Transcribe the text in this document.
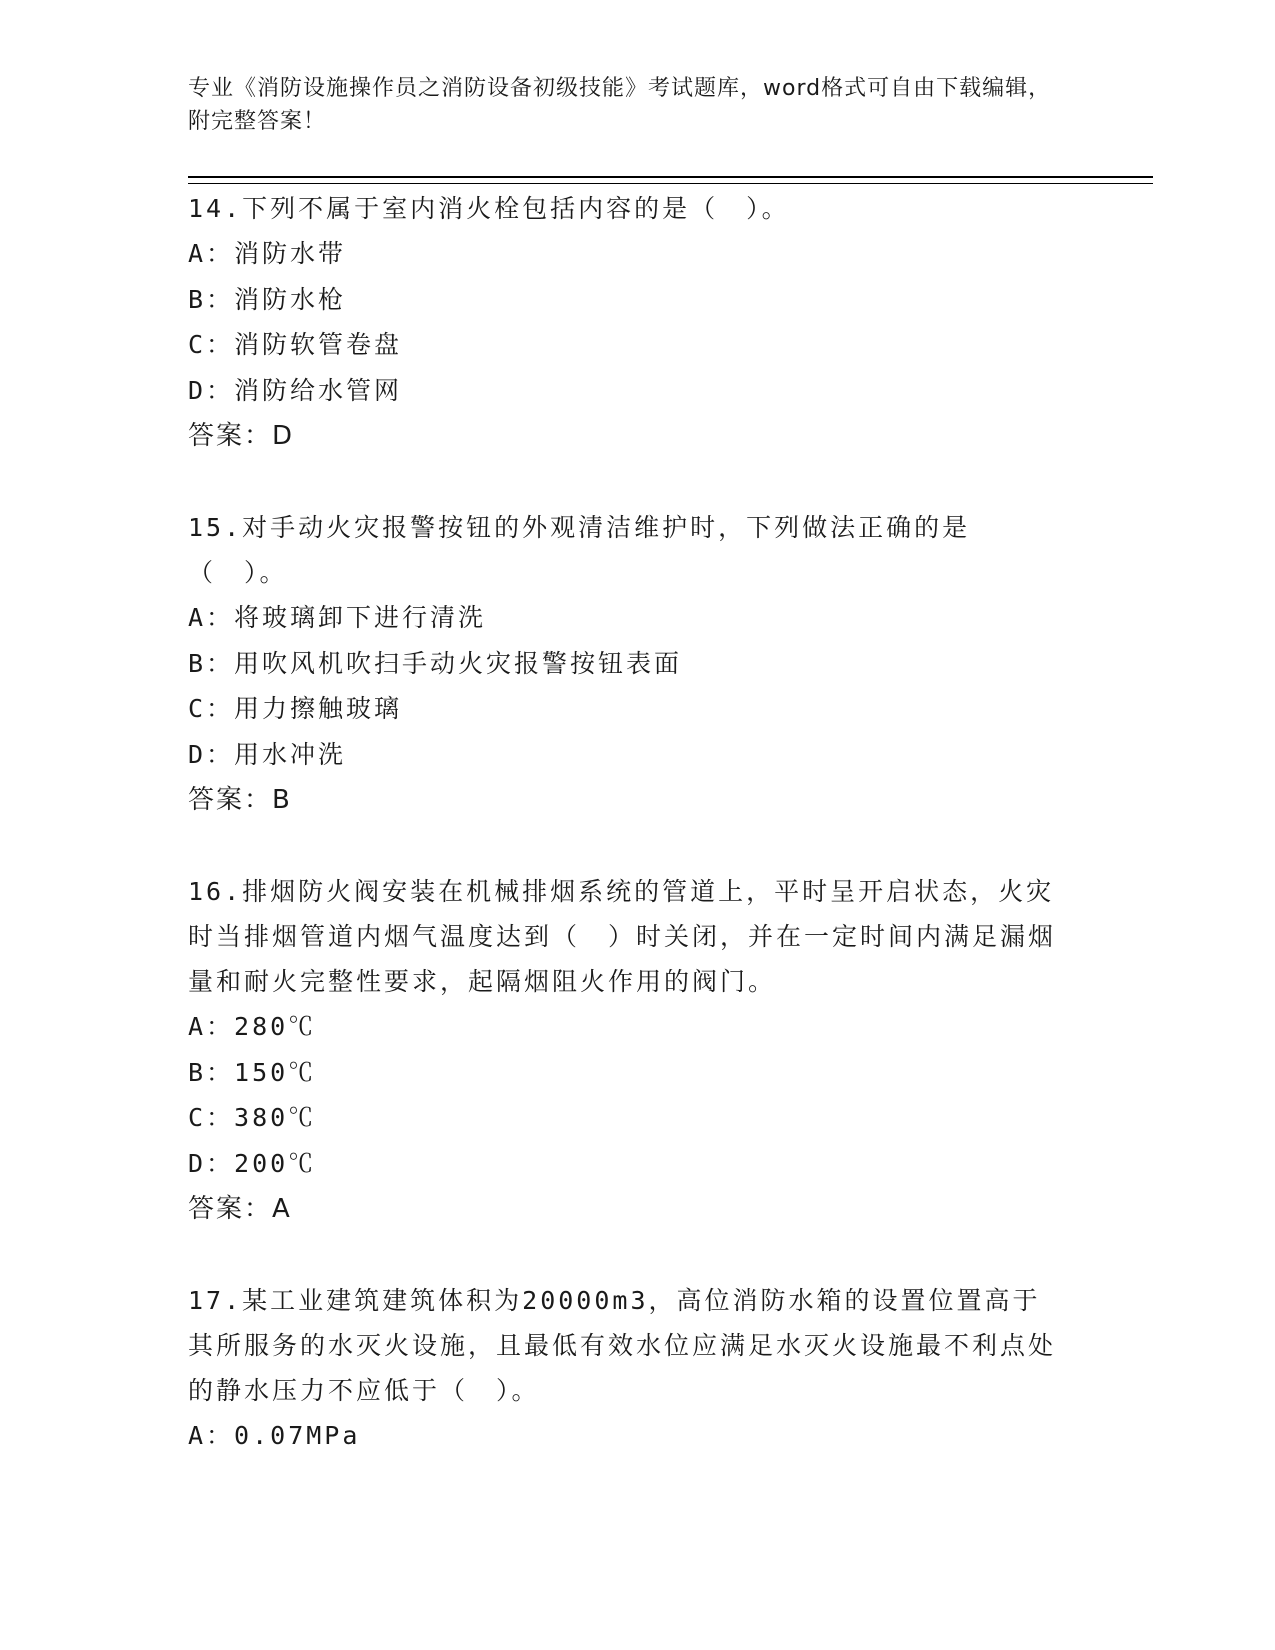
专业《消防设施操作员之消防设备初级技能》考试题库，word格式可自由下载编辑，附完整答案！

14.下列不属于室内消火栓包括内容的是（　）。

A：消防水带

B：消防水枪

C：消防软管卷盘

D：消防给水管网

答案：D

15.对手动火灾报警按钮的外观清洁维护时，下列做法正确的是（　）。

A：将玻璃卸下进行清洗

B：用吹风机吹扫手动火灾报警按钮表面

C：用力擦触玻璃

D：用水冲洗

答案：B

16.排烟防火阀安装在机械排烟系统的管道上，平时呈开启状态，火灾时当排烟管道内烟气温度达到（　）时关闭，并在一定时间内满足漏烟量和耐火完整性要求，起隔烟阻火作用的阀门。

A：280℃

B：150℃

C：380℃

D：200℃

答案：A

17.某工业建筑建筑体积为20000m3，高位消防水箱的设置位置高于其所服务的水灭火设施，且最低有效水位应满足水灭火设施最不利点处的静水压力不应低于（　）。

A：0.07MPa
